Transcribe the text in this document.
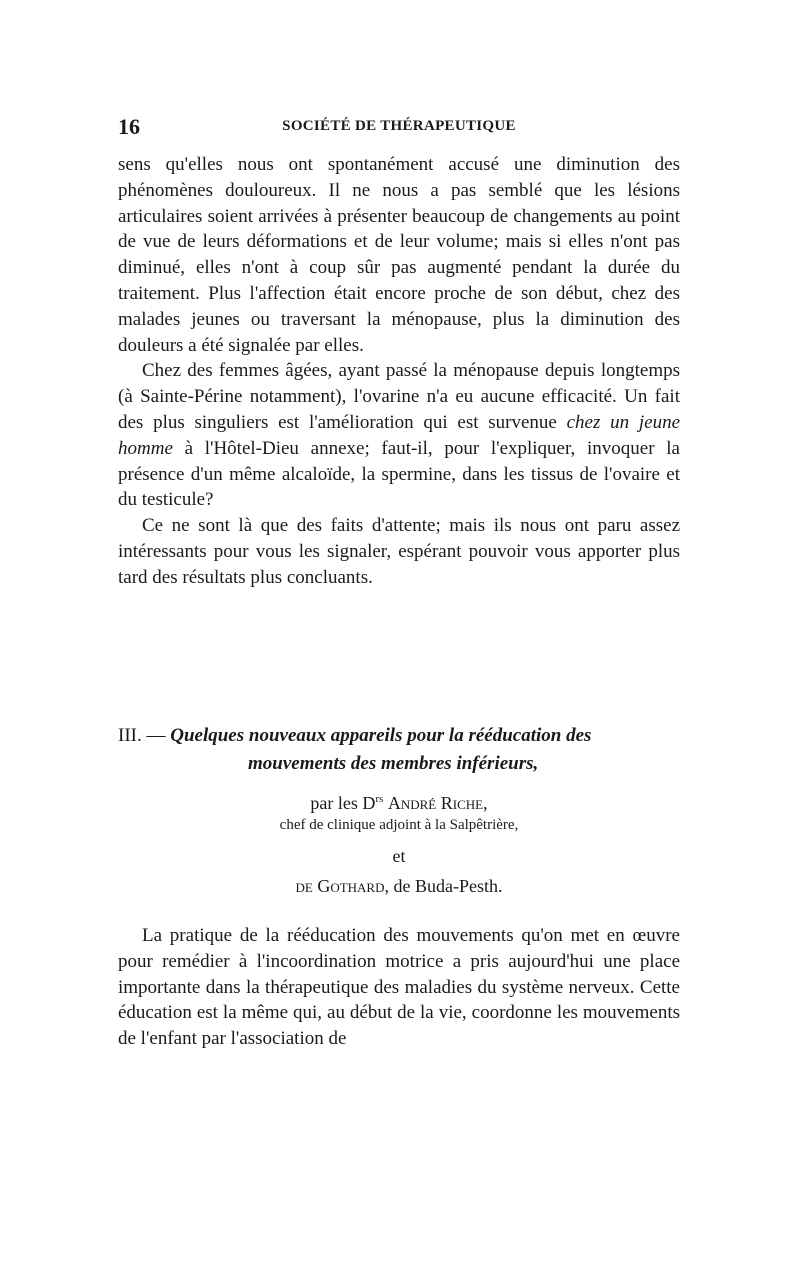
16	SOCIÉTÉ DE THÉRAPEUTIQUE

sens qu'elles nous ont spontanément accusé une diminution des phénomènes douloureux. Il ne nous a pas semblé que les lésions articulaires soient arrivées à présenter beaucoup de changements au point de vue de leurs déformations et de leur volume; mais si elles n'ont pas diminué, elles n'ont à coup sûr pas augmenté pendant la durée du traitement. Plus l'affection était encore proche de son début, chez des malades jeunes ou traversant la ménopause, plus la diminution des douleurs a été signalée par elles.

Chez des femmes âgées, ayant passé la ménopause depuis longtemps (à Sainte-Périne notamment), l'ovarine n'a eu aucune efficacité. Un fait des plus singuliers est l'amélioration qui est survenue chez un jeune homme à l'Hôtel-Dieu annexe; faut-il, pour l'expliquer, invoquer la présence d'un même alcaloïde, la spermine, dans les tissus de l'ovaire et du testicule?

Ce ne sont là que des faits d'attente; mais ils nous ont paru assez intéressants pour vous les signaler, espérant pouvoir vous apporter plus tard des résultats plus concluants.

III. — Quelques nouveaux appareils pour la rééducation des
mouvements des membres inférieurs,
par les $D^{rs}$ André Riche,
chef de clinique adjoint à la Salpêtrière,
et
de Gothard, de Buda-Pesth.

La pratique de la rééducation des mouvements qu'on met en œuvre pour remédier à l'incoordination motrice a pris aujourd'hui une place importante dans la thérapeutique des maladies du système nerveux. Cette éducation est la même qui, au début de la vie, coordonne les mouvements de l'enfant par l'association de
